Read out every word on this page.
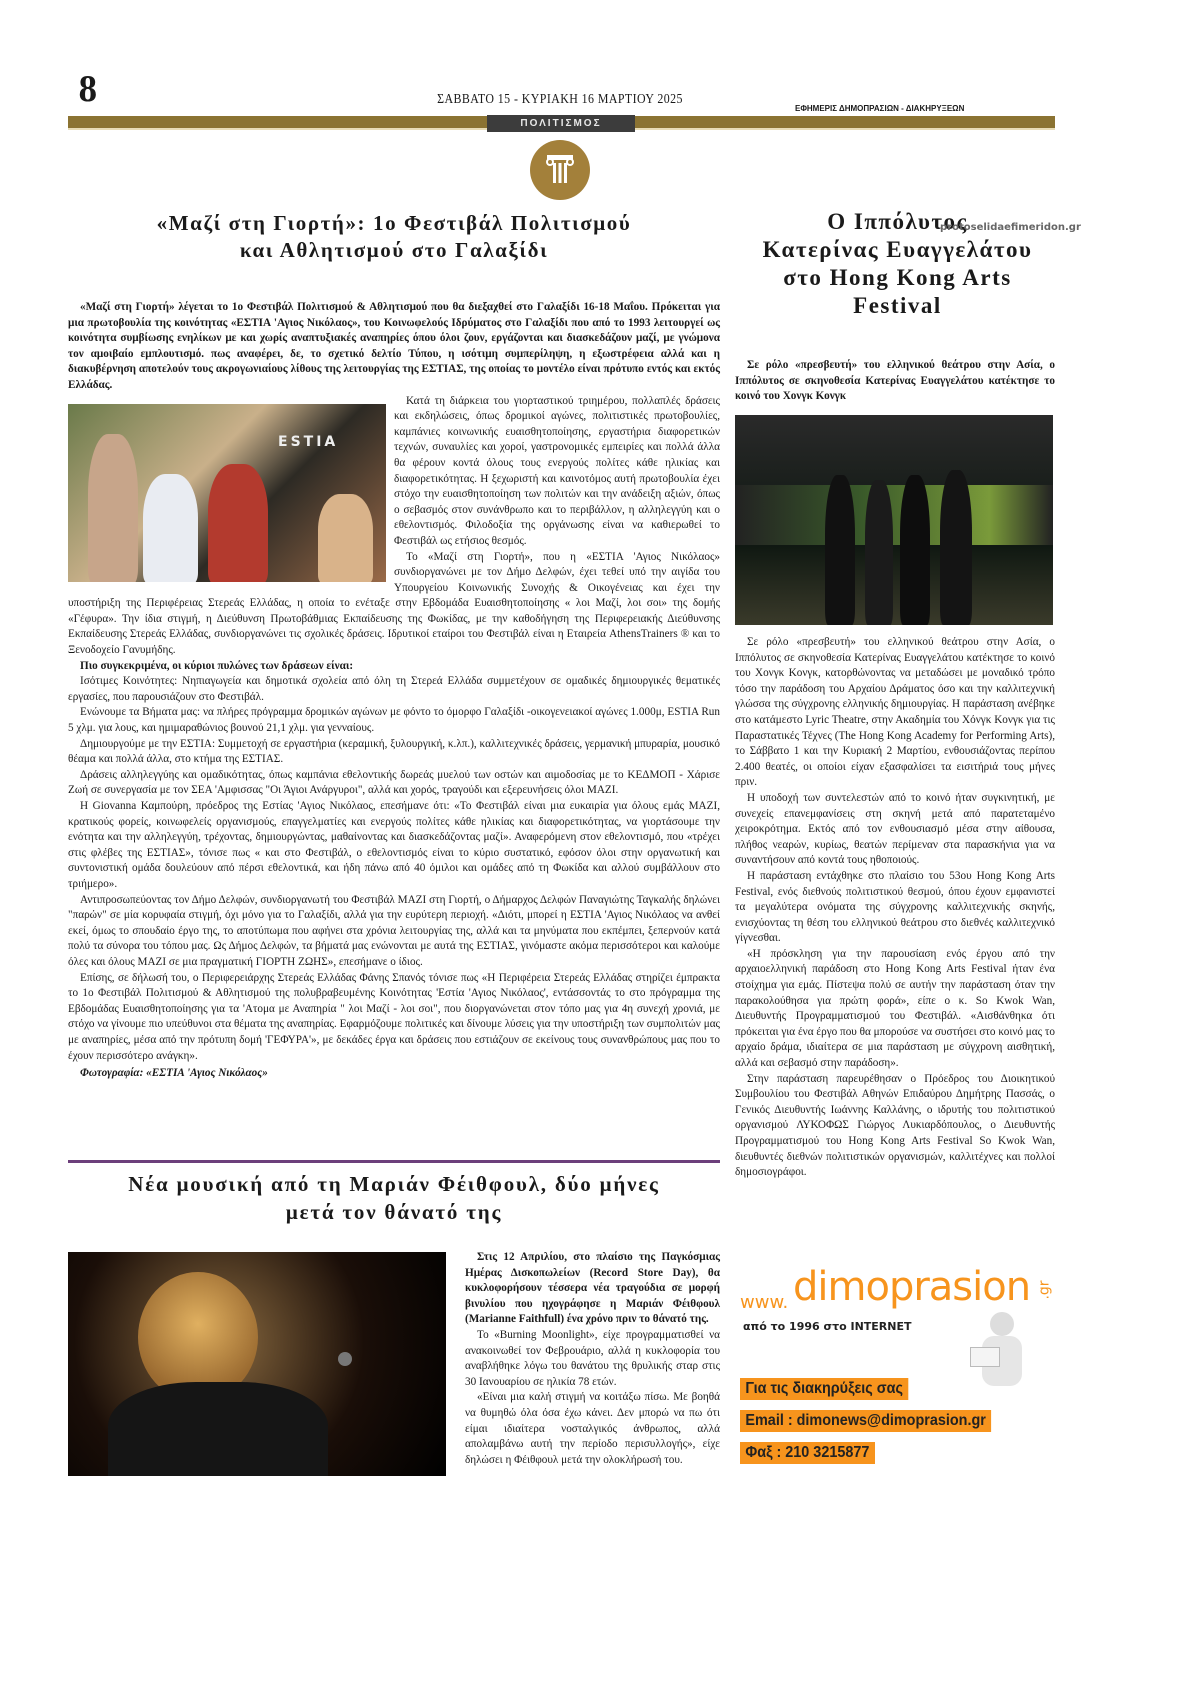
8	ΣΑΒΒΑΤΟ 15 - ΚΥΡΙΑΚΗ 16 ΜΑΡΤΙΟΥ 2025
ΕΦΗΜΕΡΙΣ ΔΗΜΟΠΡΑΣΙΩΝ - ΔΙΑΚΗΡΥΞΕΩΝ
ΠΟΛΙΤΙΣΜΟΣ
«Μαζί στη Γιορτή»: 1ο Φεστιβάλ Πολιτισμού
και Αθλητισμού στο Γαλαξίδι

«Μαζί στη Γιορτή» λέγεται το 1ο Φεστιβάλ Πολιτισμού & Αθλητισμού που θα διεξαχθεί στο Γαλαξίδι 16-18 Μαΐου. Πρόκειται για μια πρωτοβουλία της κοινότητας «ΕΣΤΙΑ 'Αγιος Νικόλαος», του Κοινωφελούς Ιδρύματος στο Γαλαξίδι που από το 1993 λειτουργεί ως κοινότητα συμβίωσης ενηλίκων με και χωρίς αναπτυξιακές αναπηρίες όπου όλοι ζουν, εργάζονται και διασκεδάζουν μαζί, με γνώμονα τον αμοιβαίο εμπλουτισμό. πως αναφέρει, δε, το σχετικό δελτίο Τύπου, η ισότιμη συμπερίληψη, η εξωστρέφεια αλλά και η διακυβέρνηση αποτελούν τους ακρογωνιαίους λίθους της λειτουργίας της ΕΣΤΙΑΣ, της οποίας το μοντέλο είναι πρότυπο εντός και εκτός Ελλάδας.

ESTIA

Κατά τη διάρκεια του γιορταστικού τριημέρου, πολλαπλές δράσεις και εκδηλώσεις, όπως δρομικοί αγώνες, πολιτιστικές πρωτοβουλίες, καμπάνιες κοινωνικής ευαισθητοποίησης, εργαστήρια διαφορετικών τεχνών, συναυλίες και χοροί, γαστρονομικές εμπειρίες και πολλά άλλα θα φέρουν κοντά όλους τους ενεργούς πολίτες κάθε ηλικίας και διαφορετικότητας. Η ξεχωριστή και καινοτόμος αυτή πρωτοβουλία έχει στόχο την ευαισθητοποίηση των πολιτών και την ανάδειξη αξιών, όπως ο σεβασμός στον συνάνθρωπο και το περιβάλλον, η αλληλεγγύη και ο εθελοντισμός. Φιλοδοξία της οργάνωσης είναι να καθιερωθεί το Φεστιβάλ ως ετήσιος θεσμός.

Το «Μαζί στη Γιορτή», που η «ΕΣΤΙΑ 'Αγιος Νικόλαος» συνδιοργανώνει με τον Δήμο Δελφών, έχει τεθεί υπό την αιγίδα του Υπουργείου Κοινωνικής Συνοχής & Οικογένειας και έχει την υποστήριξη της Περιφέρειας Στερεάς Ελλάδας, η οποία το ενέταξε στην Εβδομάδα Ευαισθητοποίησης « λοι Μαζί, λοι σοι» της δομής «Γέφυρα». Την ίδια στιγμή, η Διεύθυνση Πρωτοβάθμιας Εκπαίδευσης της Φωκίδας, με την καθοδήγηση της Περιφερειακής Διεύθυνσης Εκπαίδευσης Στερεάς Ελλάδας, συνδιοργανώνει τις σχολικές δράσεις. Ιδρυτικοί εταίροι του Φεστιβάλ είναι η Εταιρεία AthensTrainers ® και το Ξενοδοχείο Γανυμήδης.

Πιο συγκεκριμένα, οι κύριοι πυλώνες των δράσεων είναι:

Ισότιμες Κοινότητες: Νηπιαγωγεία και δημοτικά σχολεία από όλη τη Στερεά Ελλάδα συμμετέχουν σε ομαδικές δημιουργικές θεματικές εργασίες, που παρουσιάζουν στο Φεστιβάλ.

Ενώνουμε τα Βήματα μας: να πλήρες πρόγραμμα δρομικών αγώνων με φόντο το όμορφο Γαλαξίδι -οικογενειακοί αγώνες 1.000μ, ESTIA Run 5 χλμ. για λους, και ημιμαραθώνιος βουνού 21,1 χλμ. για γενναίους.

Δημιουργούμε με την ΕΣΤΙΑ: Συμμετοχή σε εργαστήρια (κεραμική, ξυλουργική, κ.λπ.), καλλιτεχνικές δράσεις, γερμανική μπυραρία, μουσικό θέαμα και πολλά άλλα, στο κτήμα της ΕΣΤΙΑΣ.

Δράσεις αλληλεγγύης και ομαδικότητας, όπως καμπάνια εθελοντικής δωρεάς μυελού των οστών και αιμοδοσίας με το ΚΕΔΜΟΠ - Χάρισε Ζωή σε συνεργασία με τον ΣΕΑ 'Αμφισσας "Οι Άγιοι Ανάργυροι", αλλά και χορός, τραγούδι και εξερευνήσεις όλοι ΜΑΖΙ.

Η Giovanna Καμπούρη, πρόεδρος της Εστίας 'Αγιος Νικόλαος, επεσήμανε ότι: «Το Φεστιβάλ είναι μια ευκαιρία για όλους εμάς ΜΑΖΙ, κρατικούς φορείς, κοινωφελείς οργανισμούς, επαγγελματίες και ενεργούς πολίτες κάθε ηλικίας και διαφορετικότητας, να γιορτάσουμε την ενότητα και την αλληλεγγύη, τρέχοντας, δημιουργώντας, μαθαίνοντας και διασκεδάζοντας μαζί». Αναφερόμενη στον εθελοντισμό, που «τρέχει στις φλέβες της ΕΣΤΙΑΣ», τόνισε πως « και στο Φεστιβάλ, ο εθελοντισμός είναι το κύριο συστατικό, εφόσον όλοι στην οργανωτική και συντονιστική ομάδα δουλεύουν από πέρσι εθελοντικά, και ήδη πάνω από 40 όμιλοι και ομάδες από τη Φωκίδα και αλλού συμβάλλουν στο τριήμερο».

Αντιπροσωπεύοντας τον Δήμο Δελφών, συνδιοργανωτή του Φεστιβάλ ΜΑΖΙ στη Γιορτή, ο Δήμαρχος Δελφών Παναγιώτης Ταγκαλής δηλώνει "παρών" σε μία κορυφαία στιγμή, όχι μόνο για το Γαλαξίδι, αλλά για την ευρύτερη περιοχή. «Διότι, μπορεί η ΕΣΤΙΑ 'Αγιος Νικόλαος να ανθεί εκεί, όμως το σπουδαίο έργο της, το αποτύπωμα που αφήνει στα χρόνια λειτουργίας της, αλλά και τα μηνύματα που εκπέμπει, ξεπερνούν κατά πολύ τα σύνορα του τόπου μας. Ως Δήμος Δελφών, τα βήματά μας ενώνονται με αυτά της ΕΣΤΙΑΣ, γινόμαστε ακόμα περισσότεροι και καλούμε όλες και όλους ΜΑΖΙ σε μια πραγματική ΓΙΟΡΤΗ ΖΩΗΣ», επεσήμανε ο ίδιος.

Επίσης, σε δήλωσή του, ο Περιφερειάρχης Στερεάς Ελλάδας Φάνης Σπανός τόνισε πως «Η Περιφέρεια Στερεάς Ελλάδας στηρίζει έμπρακτα το 1ο Φεστιβάλ Πολιτισμού & Αθλητισμού της πολυβραβευμένης Κοινότητας 'Εστία 'Αγιος Νικόλαος', εντάσσοντάς το στο πρόγραμμα της Εβδομάδας Ευαισθητοποίησης για τα 'Ατομα με Αναπηρία " λοι Μαζί - λοι σοι", που διοργανώνεται στον τόπο μας για 4η συνεχή χρονιά, με στόχο να γίνουμε πιο υπεύθυνοι στα θέματα της αναπηρίας. Εφαρμόζουμε πολιτικές και δίνουμε λύσεις για την υποστήριξη των συμπολιτών μας με αναπηρίες, μέσα από την πρότυπη δομή 'ΓΕΦΥΡΑ'», με δεκάδες έργα και δράσεις που εστιάζουν σε εκείνους τους συνανθρώπους μας που το έχουν περισσότερο ανάγκη».

Φωτογραφία: «ΕΣΤΙΑ 'Αγιος Νικόλαος»

Νέα μουσική από τη Μαριάν Φέιθφουλ, δύο μήνες
μετά τον θάνατό της

Στις 12 Απριλίου, στο πλαίσιο της Παγκόσμιας Ημέρας Δισκοπωλείων (Record Store Day), θα κυκλοφορήσουν τέσσερα νέα τραγούδια σε μορφή βινυλίου που ηχογράφησε η Μαριάν Φέιθφουλ (Marianne Faithfull) ένα χρόνο πριν το θάνατό της.

Το «Burning Moonlight», είχε προγραμματισθεί να ανακοινωθεί τον Φεβρουάριο, αλλά η κυκλοφορία του αναβλήθηκε λόγω του θανάτου της θρυλικής σταρ στις 30 Ιανουαρίου σε ηλικία 78 ετών.

«Είναι μια καλή στιγμή να κοιτάξω πίσω. Με βοηθά να θυμηθώ όλα όσα έχω κάνει. Δεν μπορώ να πω ότι είμαι ιδιαίτερα νοσταλγικός άνθρωπος, αλλά απολαμβάνω αυτή την περίοδο περισυλλογής», είχε δηλώσει η Φέιθφουλ μετά την ολοκλήρωσή του.

Ο Ιππόλυτος
Κατερίνας Ευαγγελάτου
στο Hong Kong Arts
Festival
protoselidaefimeridon.gr

Σε ρόλο «πρεσβευτή» του ελληνικού θεάτρου στην Ασία, ο Ιππόλυτος σε σκηνοθεσία Κατερίνας Ευαγγελάτου κατέκτησε το κοινό του Χονγκ Κονγκ

Σε ρόλο «πρεσβευτή» του ελληνικού θεάτρου στην Ασία, ο Ιππόλυτος σε σκηνοθεσία Κατερίνας Ευαγγελάτου κατέκτησε το κοινό του Χονγκ Κονγκ, κατορθώνοντας να μεταδώσει με μοναδικό τρόπο τόσο την παράδοση του Αρχαίου Δράματος όσο και την καλλιτεχνική γλώσσα της σύγχρονης ελληνικής δημιουργίας. Η παράσταση ανέβηκε στο κατάμεστο Lyric Theatre, στην Ακαδημία του Χόνγκ Κονγκ για τις Παραστατικές Τέχνες (The Hong Kong Academy for Performing Arts), το Σάββατο 1 και την Κυριακή 2 Μαρτίου, ενθουσιάζοντας περίπου 2.400 θεατές, οι οποίοι είχαν εξασφαλίσει τα εισιτήριά τους μήνες πριν.

Η υποδοχή των συντελεστών από το κοινό ήταν συγκινητική, με συνεχείς επανεμφανίσεις στη σκηνή μετά από παρατεταμένο χειροκρότημα. Εκτός από τον ενθουσιασμό μέσα στην αίθουσα, πλήθος νεαρών, κυρίως, θεατών περίμεναν στα παρασκήνια για να συναντήσουν από κοντά τους ηθοποιούς.

Η παράσταση εντάχθηκε στο πλαίσιο του 53ου Hong Kong Arts Festival, ενός διεθνούς πολιτιστικού θεσμού, όπου έχουν εμφανιστεί τα μεγαλύτερα ονόματα της σύγχρονης καλλιτεχνικής σκηνής, ενισχύοντας τη θέση του ελληνικού θεάτρου στο διεθνές καλλιτεχνικό γίγνεσθαι.

«Η πρόσκληση για την παρουσίαση ενός έργου από την αρχαιοελληνική παράδοση στο Hong Kong Arts Festival ήταν ένα στοίχημα για εμάς. Πίστεψα πολύ σε αυτήν την παράσταση όταν την παρακολούθησα για πρώτη φορά», είπε ο κ. So Kwok Wan, Διευθυντής Προγραμματισμού του Φεστιβάλ. «Αισθάνθηκα ότι πρόκειται για ένα έργο που θα μπορούσε να συστήσει στο κοινό μας το αρχαίο δράμα, ιδιαίτερα σε μια παράσταση με σύγχρονη αισθητική, αλλά και σεβασμό στην παράδοση».

Στην παράσταση παρευρέθησαν ο Πρόεδρος του Διοικητικού Συμβουλίου του Φεστιβάλ Αθηνών Επιδαύρου Δημήτρης Πασσάς, ο Γενικός Διευθυντής Ιωάννης Καλλάνης, ο ιδρυτής του πολιτιστικού οργανισμού ΛΥΚΟΦΩΣ Γιώργος Λυκιαρδόπουλος, ο Διευθυντής Προγραμματισμού του Hong Kong Arts Festival So Kwok Wan, διευθυντές διεθνών πολιτιστικών οργανισμών, καλλιτέχνες και πολλοί δημοσιογράφοι.

www. dimoprasion .gr
από το 1996 στο INTERNET
Για τις διακηρύξεις σας
Email : dimonews@dimoprasion.gr
Φαξ : 210 3215877
